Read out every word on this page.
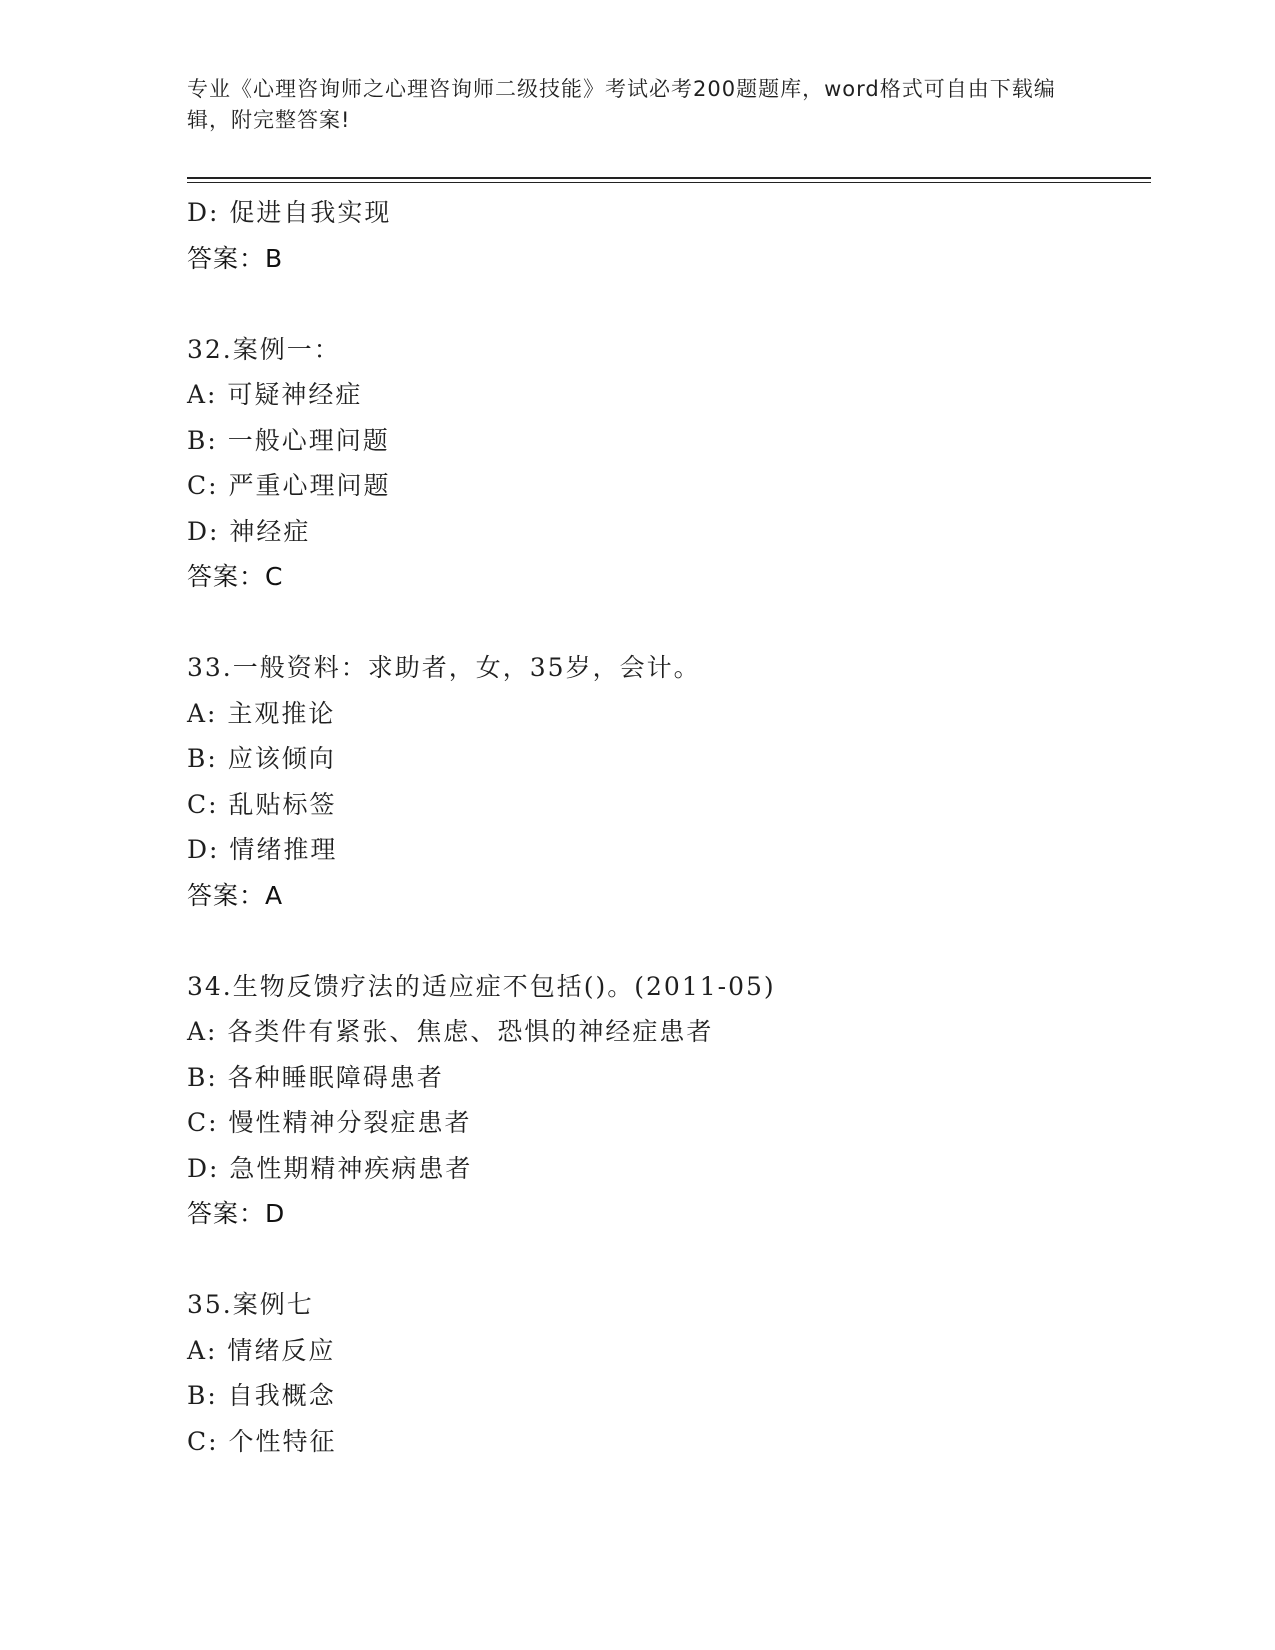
专业《心理咨询师之心理咨询师二级技能》考试必考200题题库，word格式可自由下载编辑，附完整答案!
D: 促进自我实现
答案：B
32.案例一：
A: 可疑神经症
B: 一般心理问题
C: 严重心理问题
D: 神经症
答案：C
33.一般资料：求助者，女，35岁，会计。
A: 主观推论
B: 应该倾向
C: 乱贴标签
D: 情绪推理
答案：A
34.生物反馈疗法的适应症不包括()。(2011-05)
A: 各类件有紧张、焦虑、恐惧的神经症患者
B: 各种睡眠障碍患者
C: 慢性精神分裂症患者
D: 急性期精神疾病患者
答案：D
35.案例七
A: 情绪反应
B: 自我概念
C: 个性特征
